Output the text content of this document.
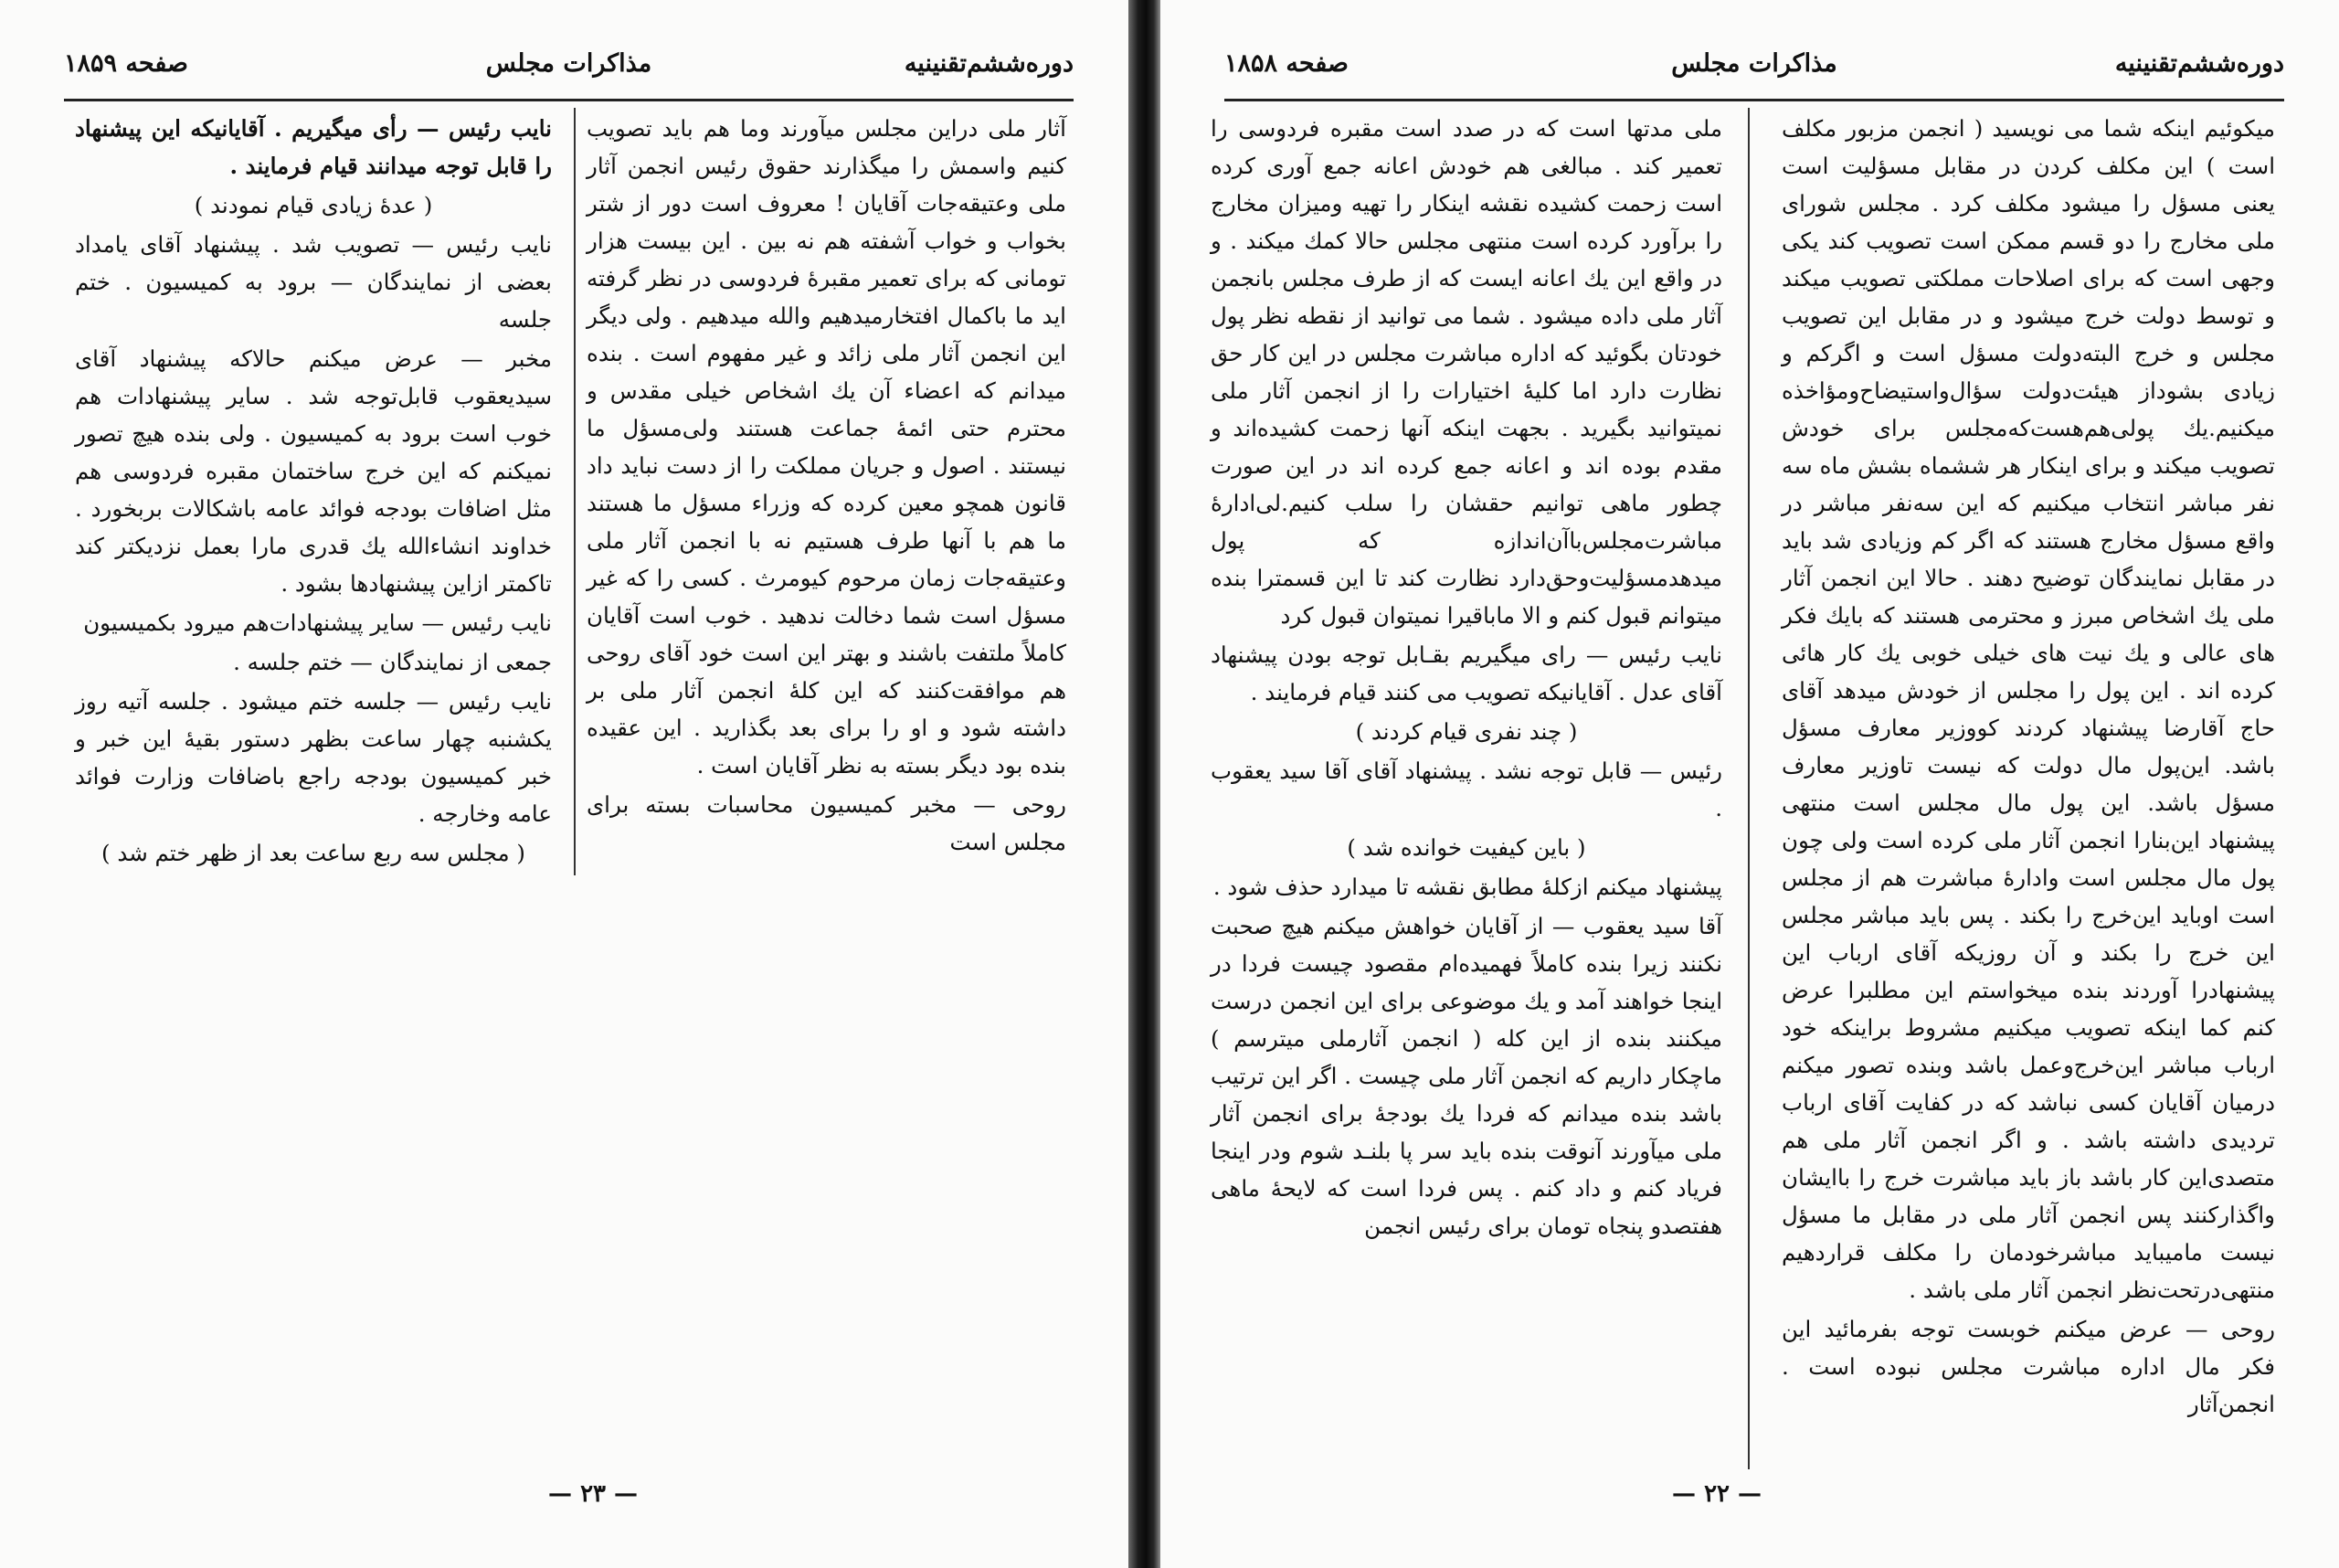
دوره‌ششم‌تقنینیه
مذاکرات مجلس
صفحه ۱۸۵۹

آثار ملی دراین مجلس میآورند وما هم باید تصویب کنیم واسمش را میگذارند حقوق رئیس انجمن آثار ملی وعتیقه‌جات آقایان ! معروف است دور از شتر بخواب و خواب آشفته هم نه بین . این بیست هزار تومانی که برای تعمیر مقبرهٔ فردوسی در نظر گرفته اید ما باکمال افتخارمیدهیم والله میدهیم . ولی دیگر این انجمن آثار ملی زائد و غیر مفهوم است . بنده میدانم که اعضاء آن یك اشخاص خیلی مقدس و محترم حتی ائمهٔ جماعت هستند ولی‌مسؤل ما نیستند . اصول و جریان مملکت را از دست نباید داد قانون همچو معین کرده که وزراء مسؤل ما هستند ما هم با آنها طرف هستیم نه با انجمن آثار ملی وعتیقه‌جات زمان مرحوم کیومرث . کسی را که غیر مسؤل است شما دخالت ندهید . خوب است آقایان کاملاً ملتفت باشند و بهتر این است خود آقای روحی هم موافقت‌کنند که این کلهٔ انجمن آثار ملی بر داشته شود و او را برای بعد بگذارید . این عقیده بنده بود دیگر بسته به نظر آقایان است .

روحی — مخبر کمیسیون محاسبات بسته برای مجلس است

نایب رئیس — رأی میگیریم . آقایانیکه این پیشنهاد را قابل توجه میدانند قیام فرمایند .

( عدهٔ زیادی قیام نمودند )

نایب رئیس — تصویب شد . پیشنهاد آقای یامداد بعضی از نمایندگان — برود به کمیسیون . ختم جلسه

مخبر — عرض میکنم حالاکه پیشنهاد آقای سیدیعقوب قابل‌توجه شد . سایر پیشنهادات هم خوب است برود به کمیسیون . ولی بنده هیچ تصور نمیکنم که این خرج ساختمان مقبره فردوسی هم مثل اضافات بودجه فوائد عامه باشکالات بربخورد . خداوند انشاءالله یك قدری مارا بعمل نزدیکتر کند تاکمتر ازاین پیشنهادها بشود .

نایب رئیس — سایر پیشنهادات‌هم میرود بکمیسیون

جمعی از نمایندگان — ختم جلسه .

نایب رئیس — جلسه ختم میشود . جلسه آتیه روز یکشنبه چهار ساعت بظهر دستور بقیهٔ این خبر و خبر کمیسیون بودجه راجع باضافات وزارت فوائد عامه وخارجه .

( مجلس سه ربع ساعت بعد از ظهر ختم شد )

— ۲۳ —
دوره‌ششم‌تقنینیه
مذاکرات مجلس
صفحه ۱۸۵۸

میکوئیم اینکه شما می نویسید ( انجمن مزبور مکلف است ) این مکلف کردن در مقابل مسؤلیت است یعنی مسؤل را میشود مکلف کرد . مجلس شورای ملی مخارج را دو قسم ممکن است تصویب کند یکی وجهی است که برای اصلاحات مملکتی تصویب میکند و توسط دولت خرج میشود و در مقابل این تصویب مجلس و خرج البته‌دولت مسؤل است و اگرکم و زیادی بشوداز هیئت‌دولت سؤال‌واستیضاح‌ومؤاخذه میکنیم.یك پولی‌هم‌هست‌که‌مجلس برای خودش تصویب میکند و برای اینکار هر ششماه بشش ماه سه نفر مباشر انتخاب میکنیم که این سه‌نفر مباشر در واقع مسؤل مخارج هستند که اگر کم وزیادی شد باید در مقابل نمایندگان توضیح دهند . حالا این انجمن آثار ملی یك اشخاص مبرز و محترمی هستند که بایك فکر های عالی و یك نیت های خیلی خوبی یك کار هائی کرده اند . این پول را مجلس از خودش میدهد آقای حاج آقارضا پیشنهاد کردند کووزیر معارف مسؤل باشد. این‌پول مال دولت که نیست تاوزیر معارف مسؤل باشد. این پول مال مجلس است منتهی پیشنهاد این‌بنا‌را انجمن آثار ملی کرده است ولی چون پول مال مجلس است واداره‌ٔ مباشرت هم از مجلس است اوباید این‌خرج را بکند . پس باید مباشر مجلس این خرج را بکند و آن روزیکه آقای ارباب این پیشنهادرا آوردند بنده میخواستم این مطلبرا عرض کنم کما اینکه تصویب میکنیم مشروط براینکه خود ارباب مباشر این‌خرج‌وعمل باشد وبنده تصور میکنم درمیان آقایان کسی نباشد که در کفایت آقای ارباب تردیدی داشته باشد . و اگر انجمن آثار ملی هم متصدی‌این کار باشد باز باید مباشرت خرج را باایشان واگذارکنند پس انجمن آثار ملی در مقابل ما مسؤل نیست مامیباید مباشرخودمان را مکلف قراردهیم منتهی‌درتحت‌نظر انجمن آثار ملی باشد .

روحی — عرض میکنم خوبست توجه بفرمائید این فکر مال اداره مباشرت مجلس نبوده است . انجمن‌آثار

ملی مدتها است که در صدد است مقبره فردوسی را تعمیر کند . مبالغی هم خودش اعانه جمع آوری کرده است زحمت کشیده نقشه اینکار را تهیه ومیزان مخارج را برآورد کرده است منتهی مجلس حالا کمك میکند . و در واقع این یك اعانه ایست که از طرف مجلس بانجمن آثار ملی داده میشود . شما می توانید از نقطه نظر پول خودتان بگوئید که اداره مباشرت مجلس در این کار حق نظارت دارد اما کلیهٔ اختیارات را از انجمن آثار ملی نمیتوانید بگیرید . بجهت اینکه آنها زحمت کشیده‌اند و مقدم بوده اند و اعانه جمع کرده اند در این صورت چطور ماهی توانیم حقشان را سلب کنیم.‌لی‌اداره‌ٔ مباشرت‌مجلس‌باآن‌اندازه که پول میدهدمسؤلیت‌وحق‌دارد نظارت کند تا این قسمترا بنده میتوانم قبول کنم و الا ماباقیرا نمیتوان قبول کرد

نایب رئیس — رای میگیریم بقـابل توجه بودن پیشنهاد آقای عدل . آقایانیکه تصویب می کنند قیام فرمایند .

( چند نفری قیام کردند )

رئیس — قابل توجه نشد . پیشنهاد آقای آقا سید یعقوب .

( باین کیفیت خوانده شد )

پیشنهاد میکنم ازکلهٔ مطابق نقشه تا میدارد حذف شود .

آقا سید یعقوب — از آقایان خواهش میکنم هیچ صحبت نکنند زیرا بنده کاملاً فهمیده‌ام مقصود چیست فردا در اینجا خواهند آمد و یك موضوعی برای این انجمن درست میکنند بنده از این کله ( انجمن آثارملی میترسم ) ماچکار داریم که انجمن آثار ملی چیست . اگر این ترتیب باشد بنده میدانم که فردا یك بودجهٔ برای انجمن آثار ملی میآورند آنوقت بنده باید سر پا بلنـد شوم ودر اینجا فریاد کنم و داد کنم . پس فردا است که لایحهٔ ماهی هفتصدو پنجاه تومان برای رئیس انجمن

— ۲۲ —
